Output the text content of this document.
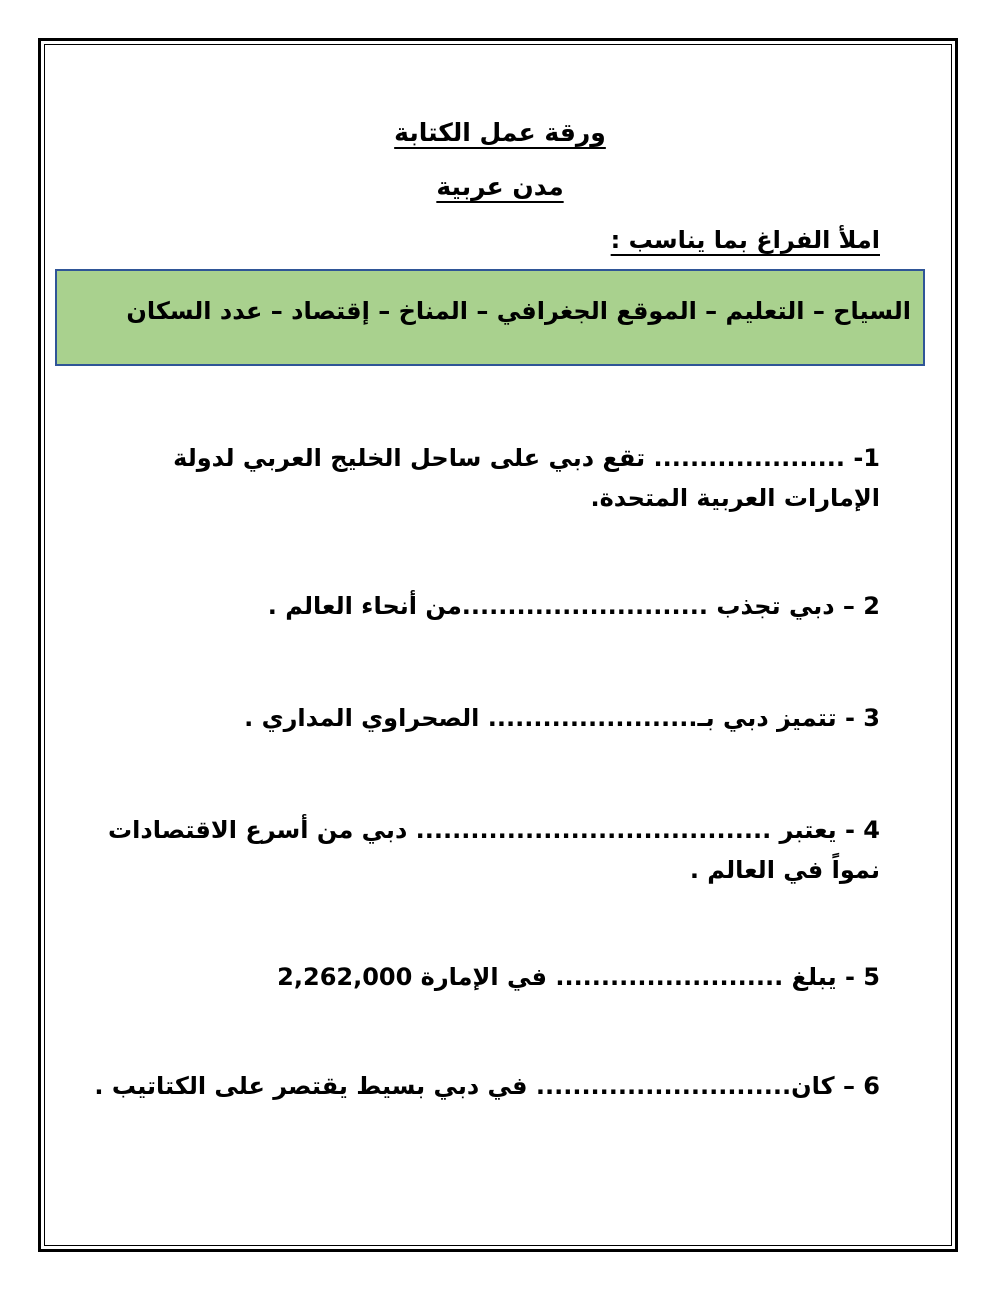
ورقة عمل الكتابة
مدن عربية
املأ الفراغ بما يناسب :
السياح – التعليم – الموقع الجغرافي – المناخ – إقتصاد – عدد السكان
1- ..................... تقع دبي على ساحل الخليج العربي لدولة
الإمارات العربية المتحدة.
2 – دبي تجذب ...........................من أنحاء العالم .
3 - تتميز دبي بـ....................... الصحراوي المداري .
4 - يعتبر ....................................... دبي من أسرع الاقتصادات
نمواً في العالم .
5 - يبلغ ......................... في الإمارة 2,262,000
6 – كان............................ في دبي بسيط يقتصر على الكتاتيب .
